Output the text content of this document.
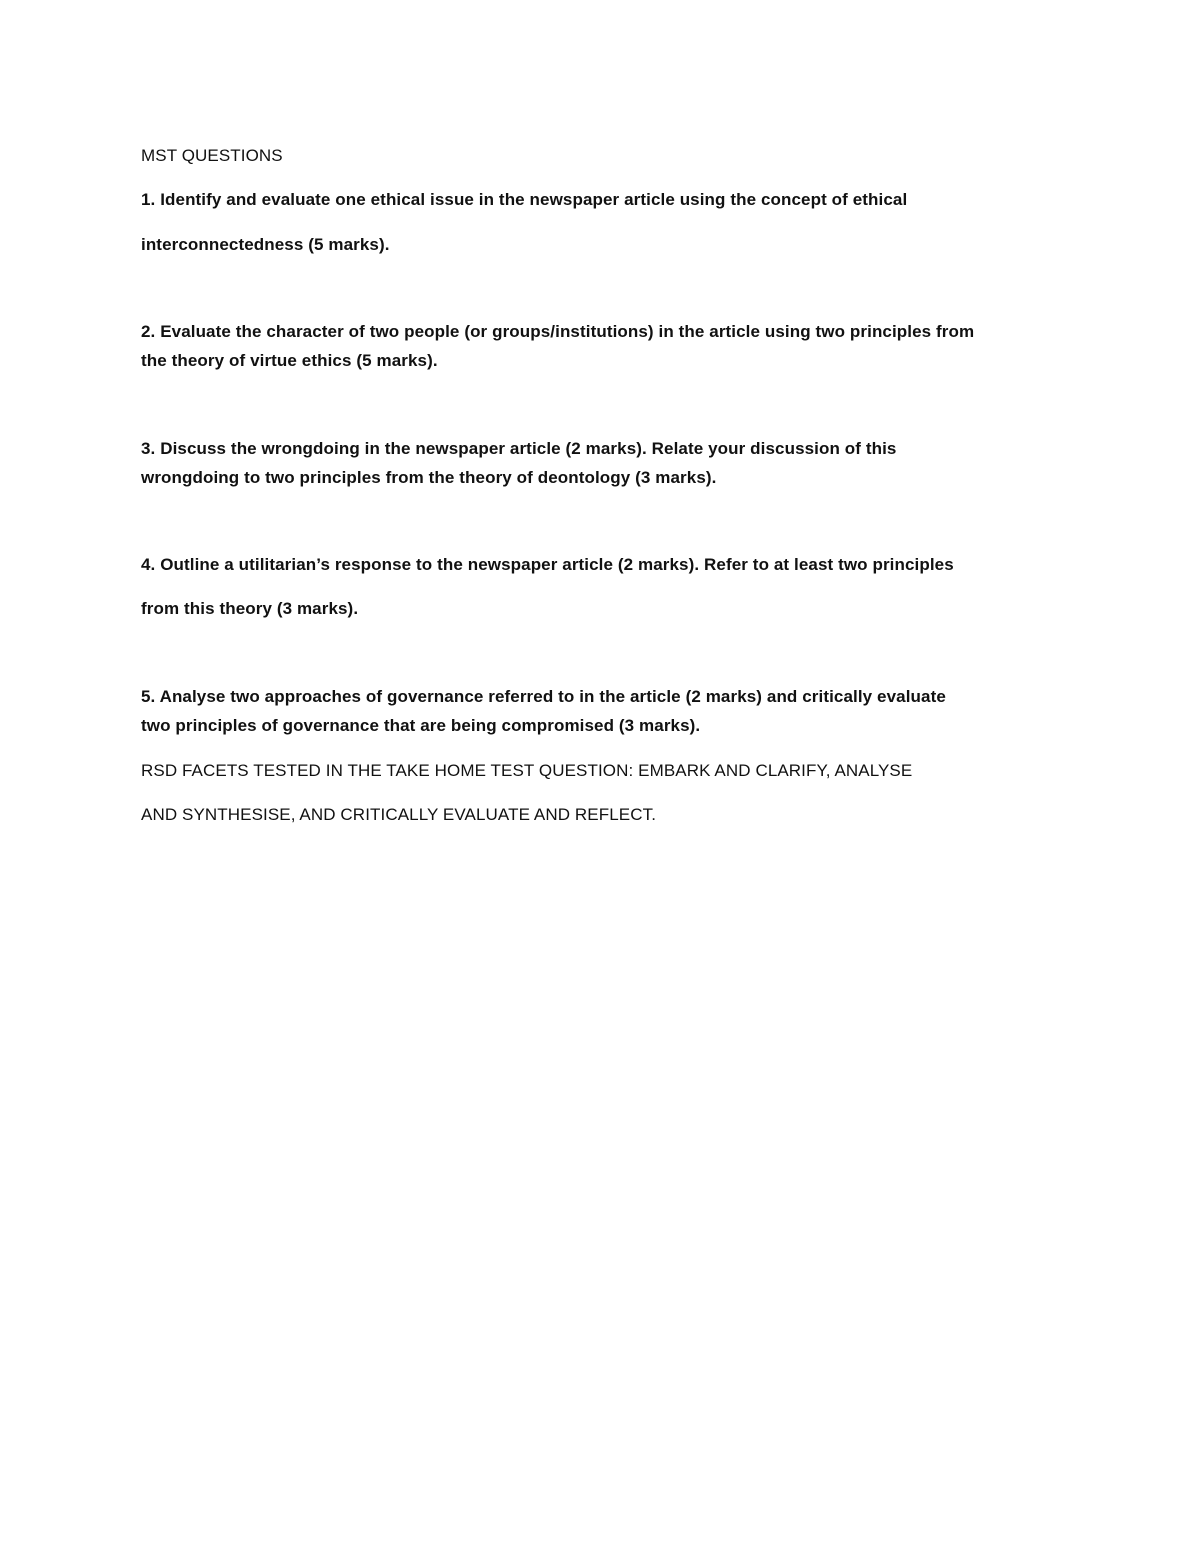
MST QUESTIONS
1. Identify and evaluate one ethical issue in the newspaper article using the concept of ethical
interconnectedness (5 marks).
2. Evaluate the character of two people (or groups/institutions) in the article using two principles from
the theory of virtue ethics (5 marks).
3. Discuss the wrongdoing in the newspaper article (2 marks). Relate your discussion of this
wrongdoing to two principles from the theory of deontology (3 marks).
4. Outline a utilitarian’s response to the newspaper article (2 marks). Refer to at least two principles
from this theory (3 marks).
5. Analyse two approaches of governance referred to in the article (2 marks) and critically evaluate
two principles of governance that are being compromised (3 marks).
RSD FACETS TESTED IN THE TAKE HOME TEST QUESTION: EMBARK AND CLARIFY, ANALYSE
AND SYNTHESISE, AND CRITICALLY EVALUATE AND REFLECT.
